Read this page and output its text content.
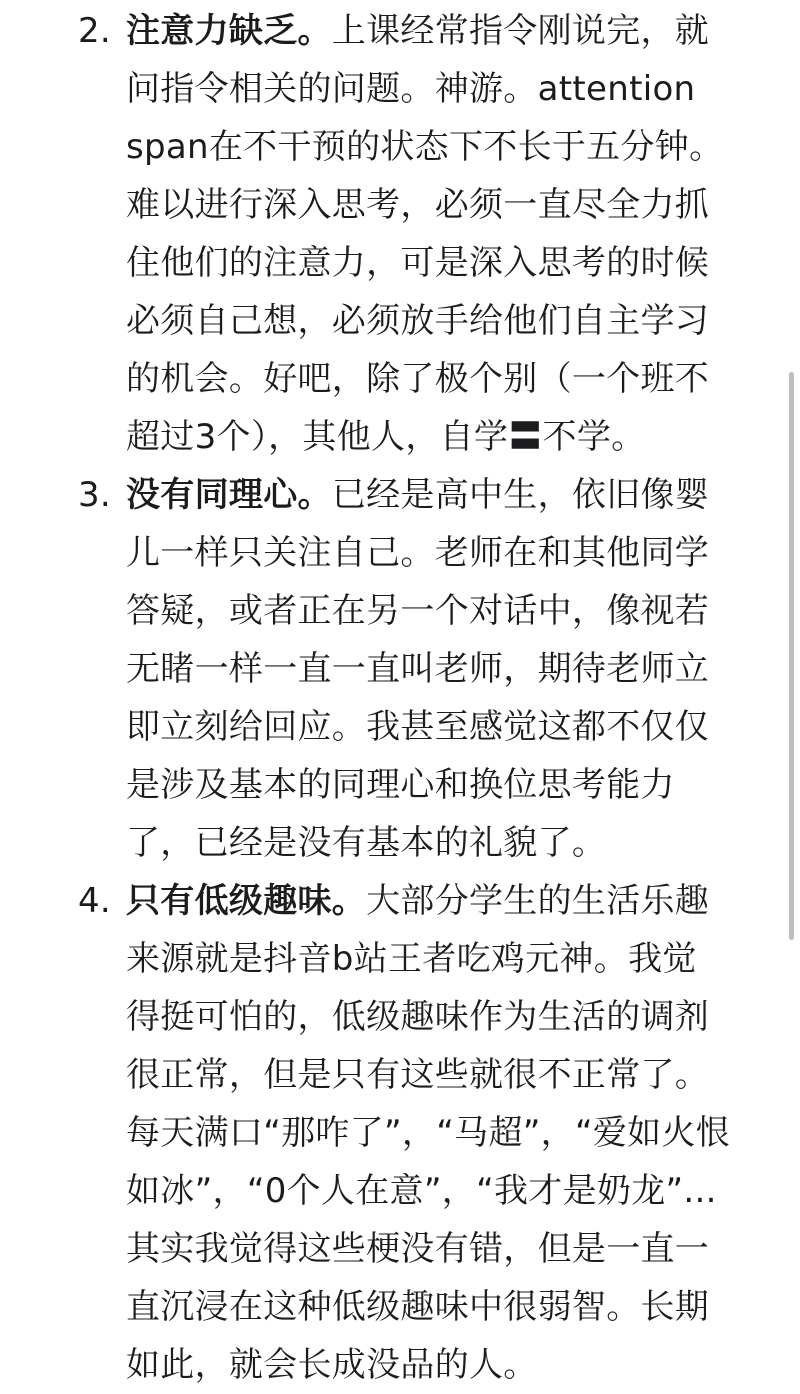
2. 注意力缺乏。上课经常指令刚说完，就
问指令相关的问题。神游。attention
span在不干预的状态下不长于五分钟。
难以进行深入思考，必须一直尽全力抓
住他们的注意力，可是深入思考的时候
必须自己想，必须放手给他们自主学习
的机会。好吧，除了极个别（一个班不
超过3个），其他人，自学〓不学。
3. 没有同理心。已经是高中生，依旧像婴
儿一样只关注自己。老师在和其他同学
答疑，或者正在另一个对话中，像视若
无睹一样一直一直叫老师，期待老师立
即立刻给回应。我甚至感觉这都不仅仅
是涉及基本的同理心和换位思考能力
了，已经是没有基本的礼貌了。
4. 只有低级趣味。大部分学生的生活乐趣
来源就是抖音b站王者吃鸡元神。我觉
得挺可怕的，低级趣味作为生活的调剂
很正常，但是只有这些就很不正常了。
每天满口“那咋了”，“马超”，“爱如火恨
如冰”，“0个人在意”，“我才是奶龙”...
其实我觉得这些梗没有错，但是一直一
直沉浸在这种低级趣味中很弱智。长期
如此，就会长成没品的人。
